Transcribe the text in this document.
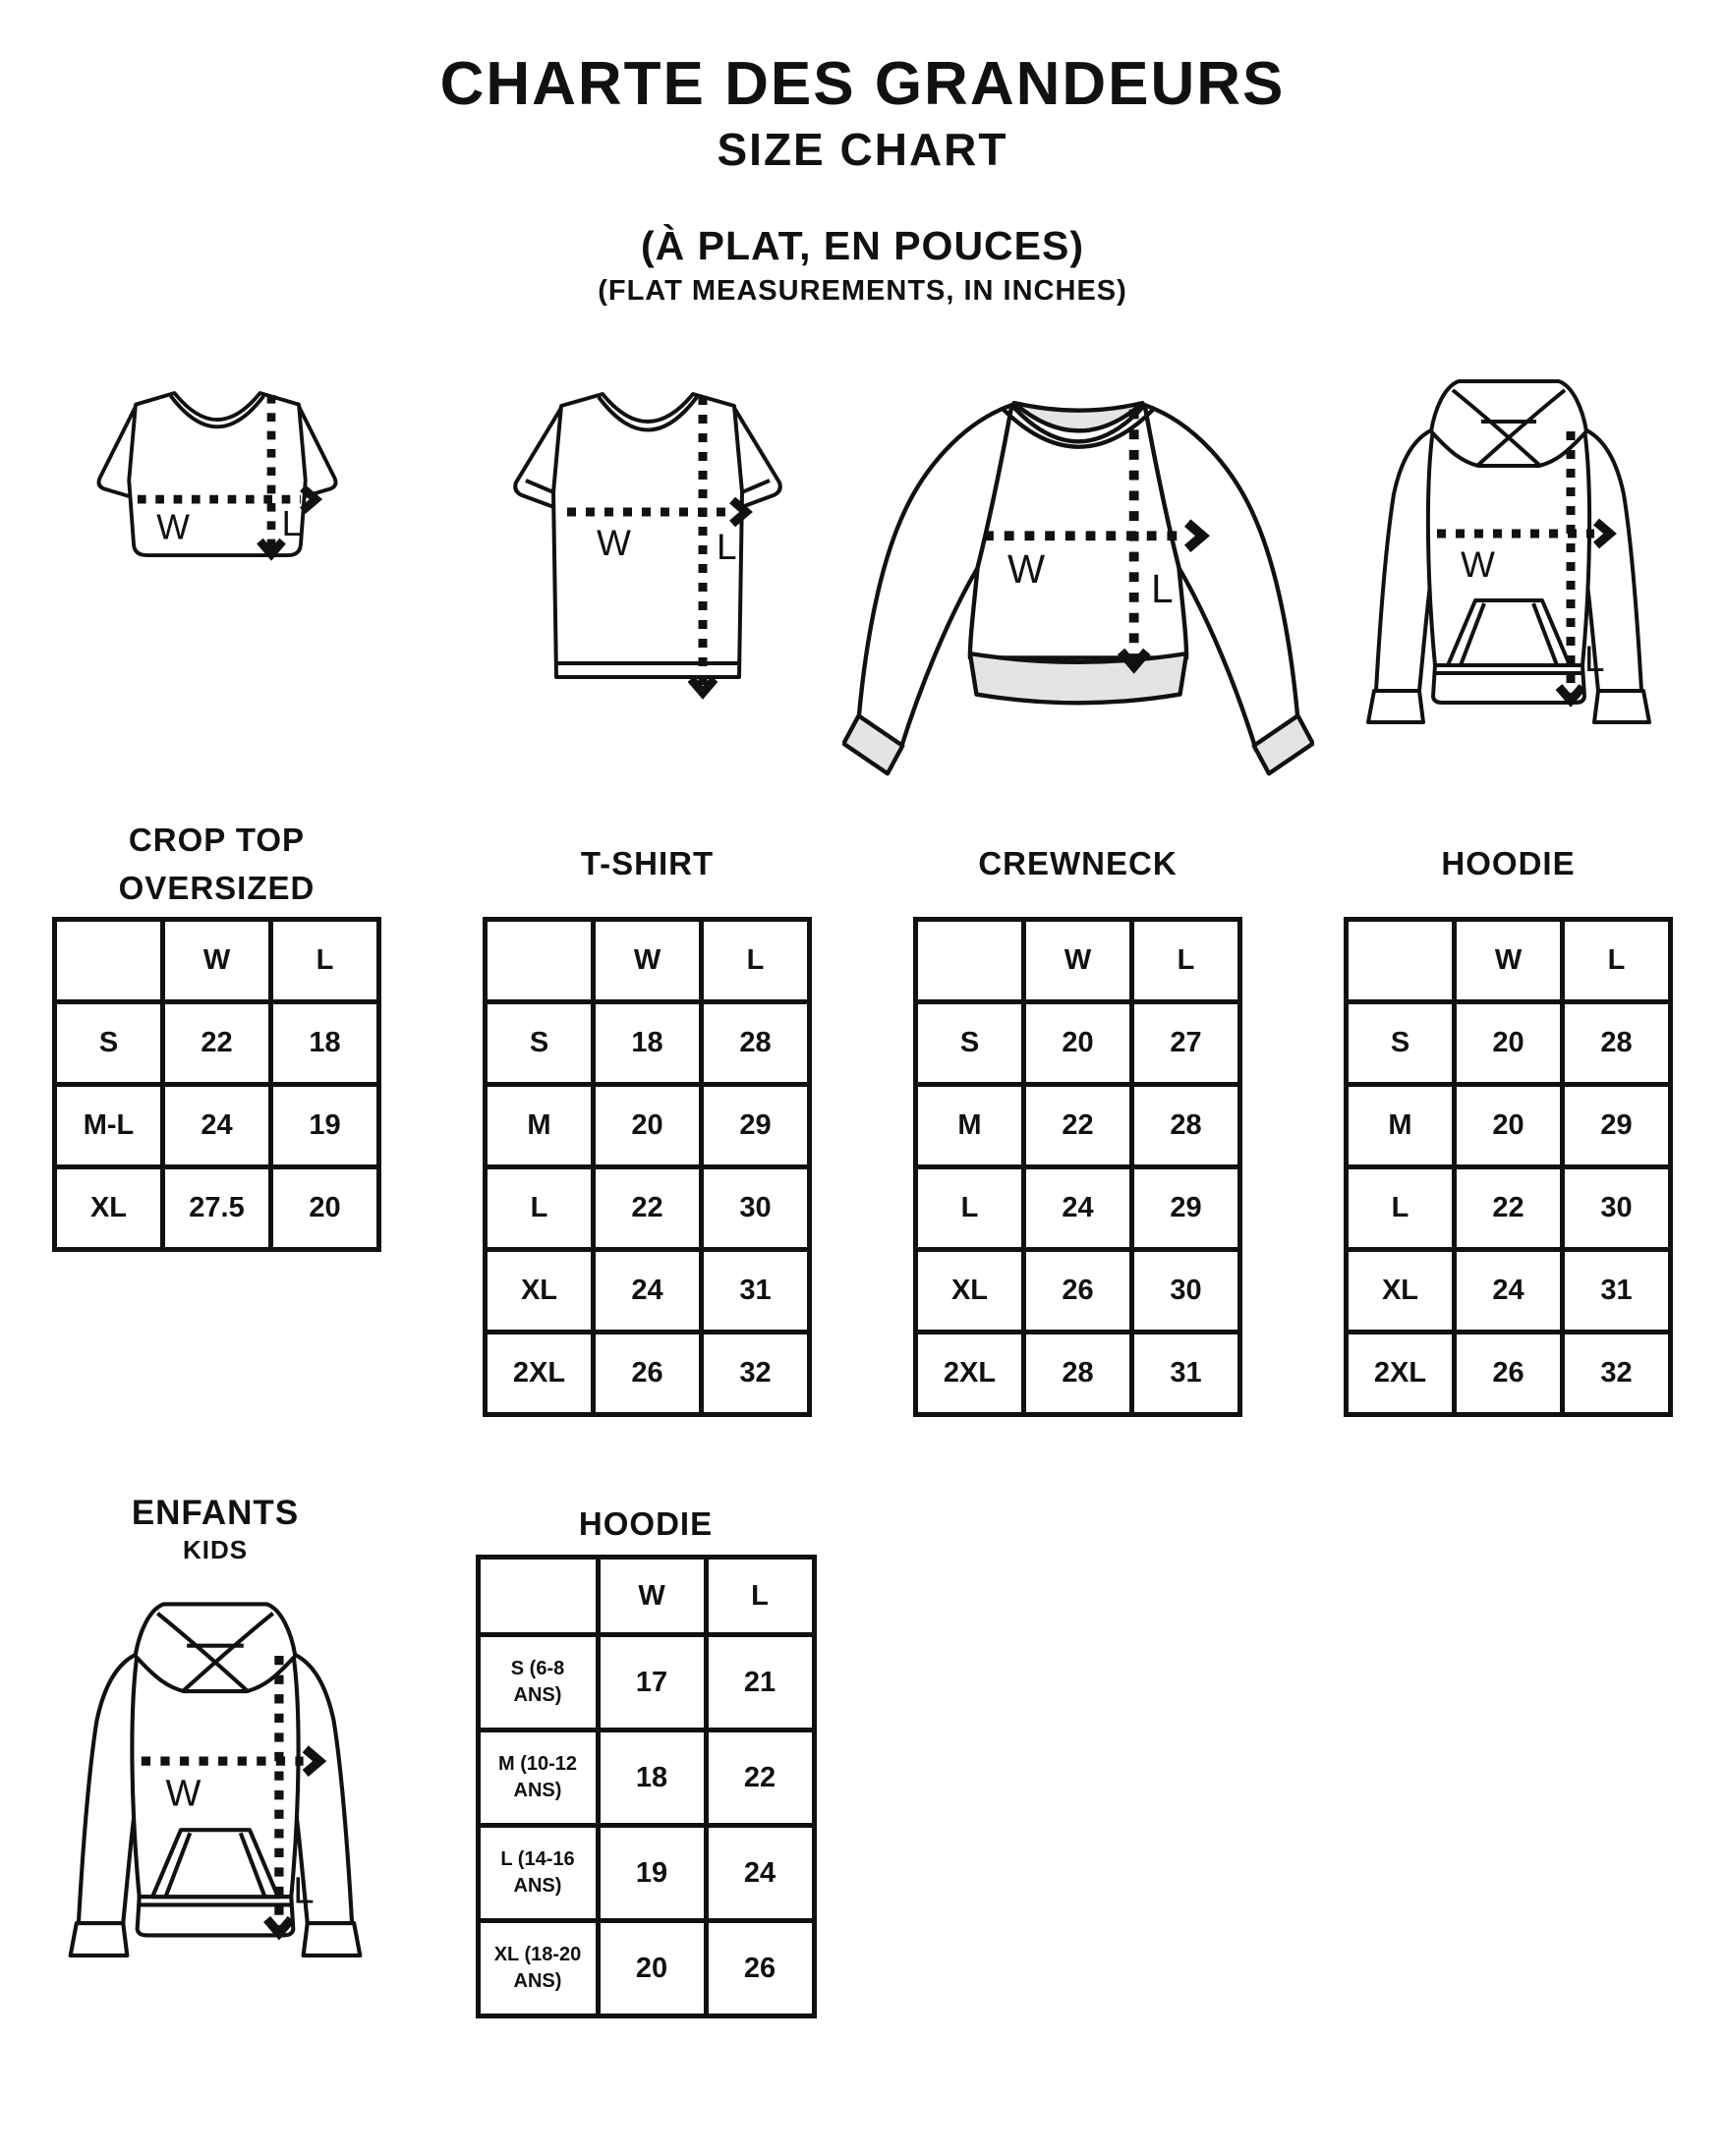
CHARTE DES GRANDEURS
SIZE CHART
(À PLAT, EN POUCES)
(FLAT MEASUREMENTS, IN INCHES)
W	L
CROP TOP
OVERSIZED
	W	L
S	22	18
M-L	24	19
XL	27.5	20
W L
T-SHIRT
	W	L
S	18	28
M	20	29
L	22	30
XL	24	31
2XL	26	32
W	L
CREWNECK
	W	L
S	20	27
M	22	28
L	24	29
XL	26	30
2XL	28	31
W
L
HOODIE
	W	L
S	20	28
M	20	29
L	22	30
XL	24	31
2XL	26	32
ENFANTS
KIDS
W
L
HOODIE
	W	L
S (6-8 ANS)	17	21
M (10-12 ANS)	18	22
L (14-16 ANS)	19	24
XL (18-20 ANS)	20	26
